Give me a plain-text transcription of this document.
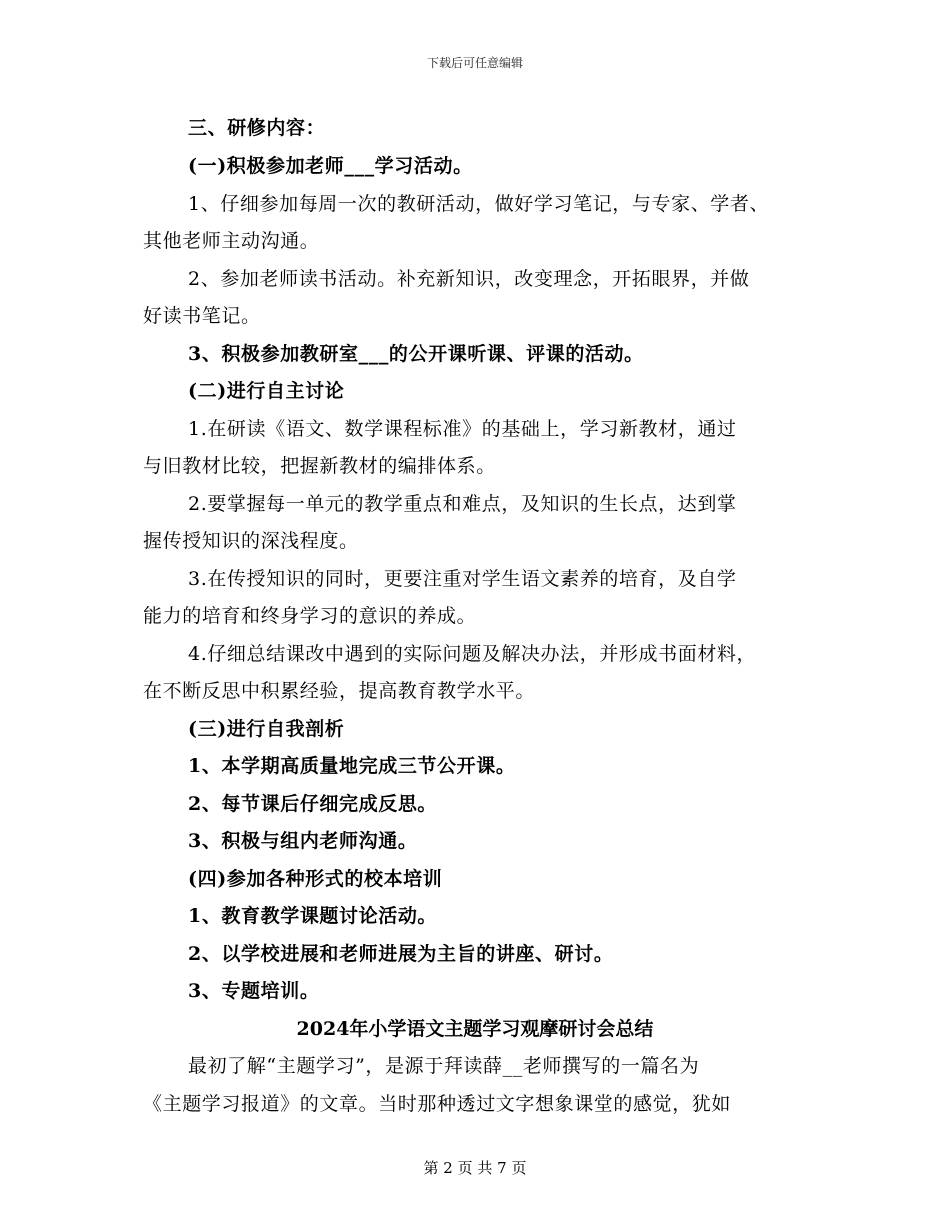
下载后可任意编辑
三、研修内容：
(一)积极参加老师___学习活动。
1、仔细参加每周一次的教研活动，做好学习笔记，与专家、学者、
其他老师主动沟通。
2、参加老师读书活动。补充新知识，改变理念，开拓眼界，并做
好读书笔记。
3、积极参加教研室___的公开课听课、评课的活动。
(二)进行自主讨论
1.在研读《语文、数学课程标准》的基础上，学习新教材，通过
与旧教材比较，把握新教材的编排体系。
2.要掌握每一单元的教学重点和难点，及知识的生长点，达到掌
握传授知识的深浅程度。
3.在传授知识的同时，更要注重对学生语文素养的培育，及自学
能力的培育和终身学习的意识的养成。
4.仔细总结课改中遇到的实际问题及解决办法，并形成书面材料，
在不断反思中积累经验，提高教育教学水平。
(三)进行自我剖析
1、本学期高质量地完成三节公开课。
2、每节课后仔细完成反思。
3、积极与组内老师沟通。
(四)参加各种形式的校本培训
1、教育教学课题讨论活动。
2、以学校进展和老师进展为主旨的讲座、研讨。
3、专题培训。
2024年小学语文主题学习观摩研讨会总结
最初了解“主题学习”，是源于拜读薛__老师撰写的一篇名为
《主题学习报道》的文章。当时那种透过文字想象课堂的感觉，犹如
第 2 页 共 7 页
